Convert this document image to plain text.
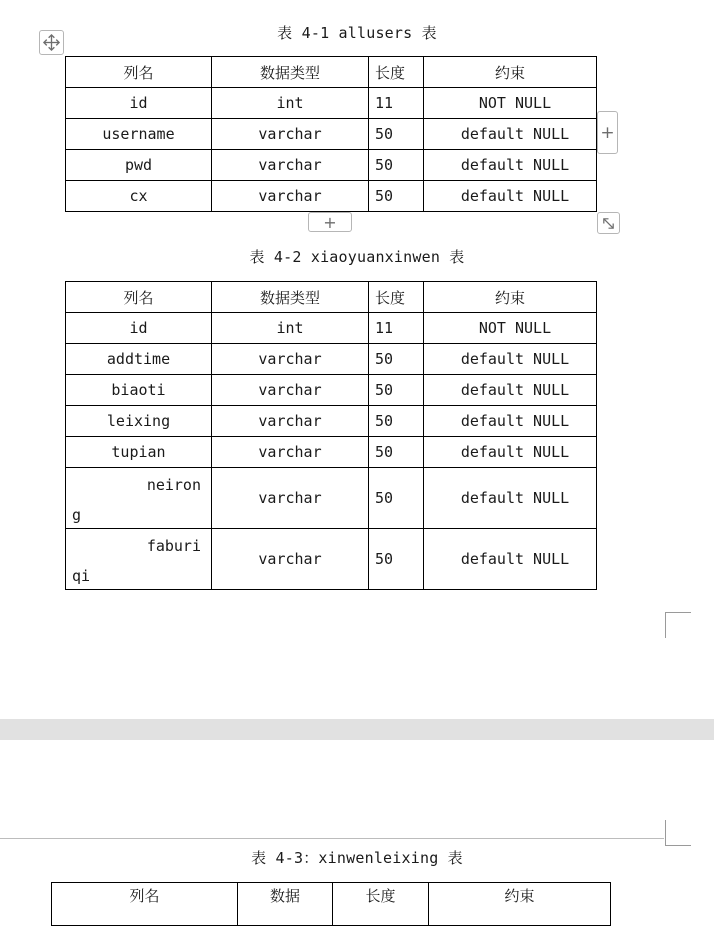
表 4-1 allusers 表
列名	数据类型	长度	约束
id	int	11	NOT NULL
username	varchar	50	default NULL
pwd	varchar	50	default NULL
cx	varchar	50	default NULL
+
+
表 4-2 xiaoyuanxinwen 表
列名	数据类型	长度	约束
id	int	11	NOT NULL
addtime	varchar	50	default NULL
biaoti	varchar	50	default NULL
leixing	varchar	50	default NULL
tupian	varchar	50	default NULL

neiron
g	varchar	50	default NULL

faburi
qi	varchar	50	default NULL
表 4-3：xinwenleixing 表
列名	数据	长度	约束
